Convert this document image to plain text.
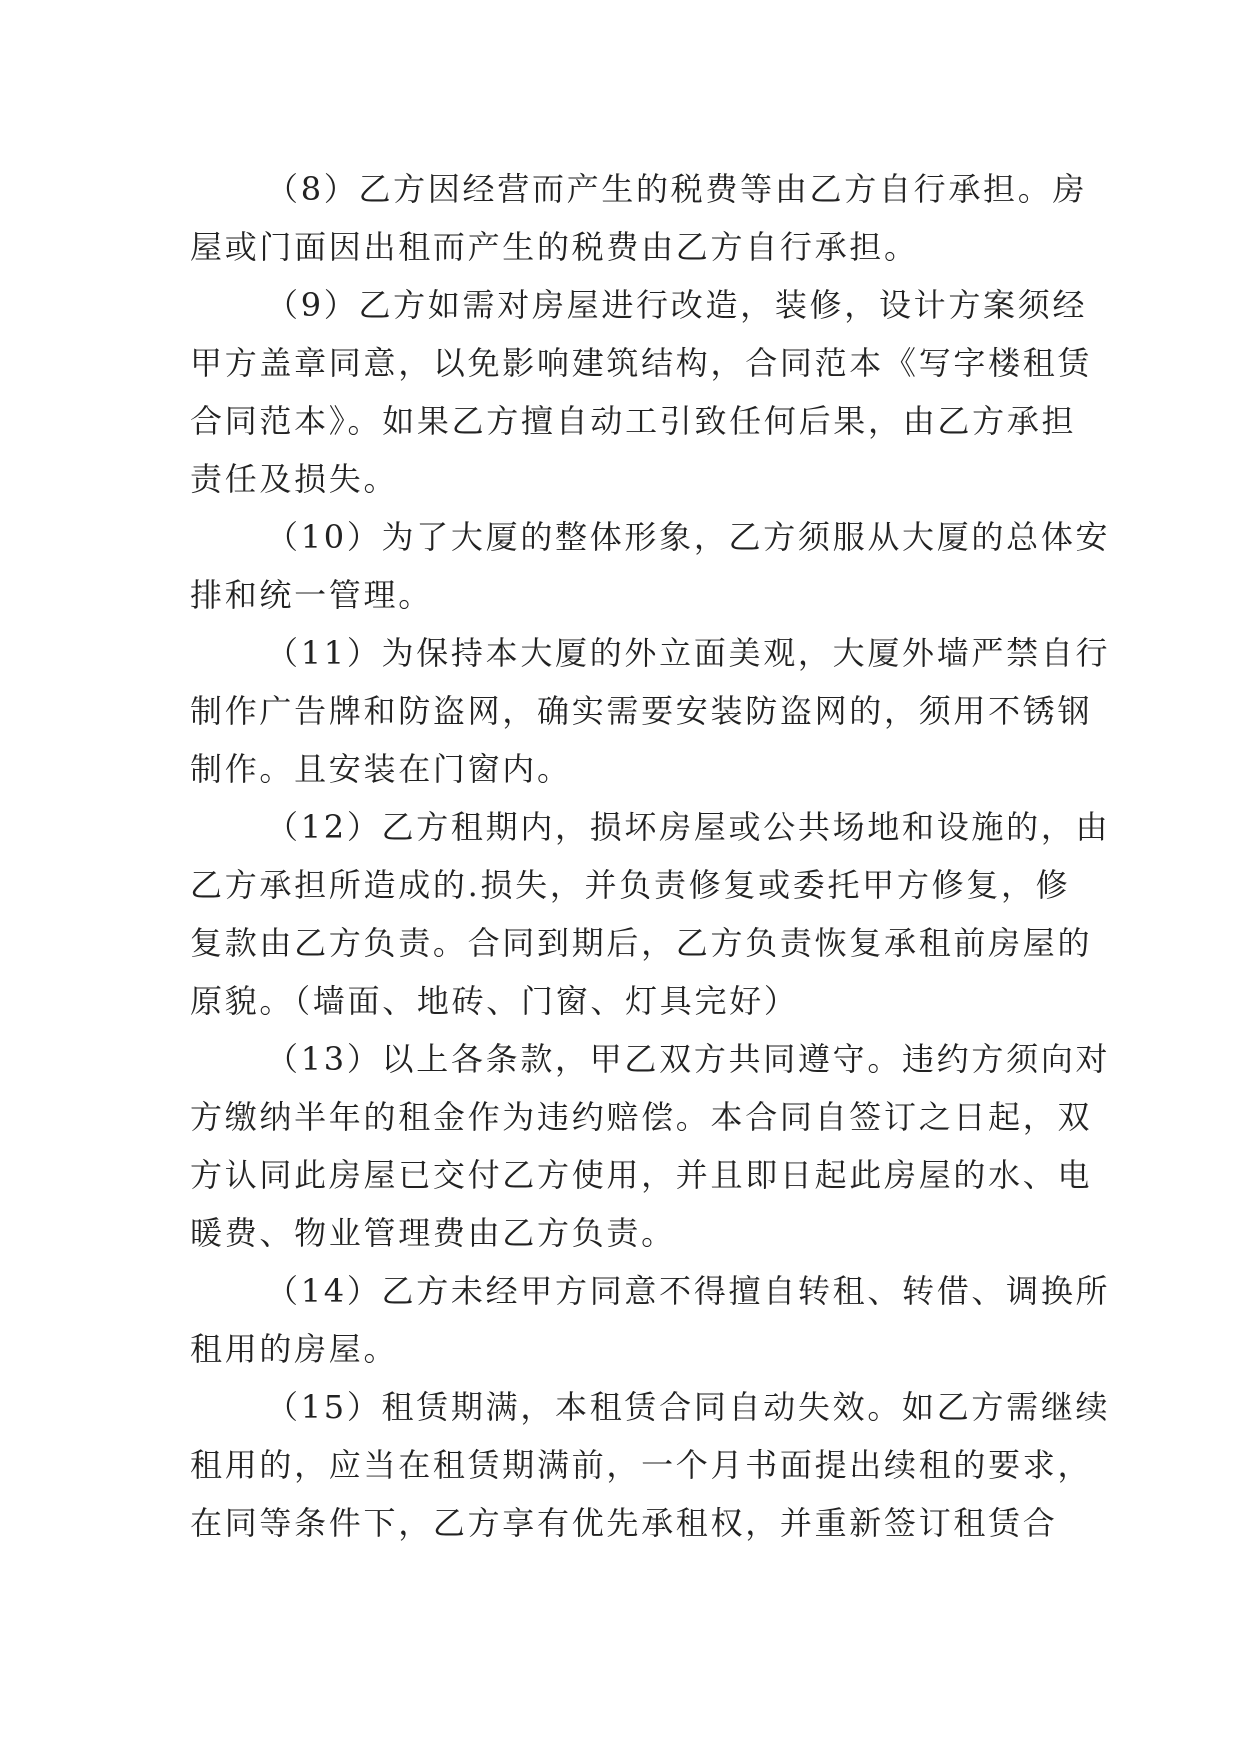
（8）乙方因经营而产生的税费等由乙方自行承担。房
屋或门面因出租而产生的税费由乙方自行承担。
（9）乙方如需对房屋进行改造，装修，设计方案须经
甲方盖章同意，以免影响建筑结构，合同范本《写字楼租赁
合同范本》。如果乙方擅自动工引致任何后果，由乙方承担
责任及损失。
（10）为了大厦的整体形象，乙方须服从大厦的总体安
排和统一管理。
（11）为保持本大厦的外立面美观，大厦外墙严禁自行
制作广告牌和防盗网，确实需要安装防盗网的，须用不锈钢
制作。且安装在门窗内。
（12）乙方租期内，损坏房屋或公共场地和设施的，由
乙方承担所造成的.损失，并负责修复或委托甲方修复，修
复款由乙方负责。合同到期后，乙方负责恢复承租前房屋的
原貌。（墙面、地砖、门窗、灯具完好）
（13）以上各条款，甲乙双方共同遵守。违约方须向对
方缴纳半年的租金作为违约赔偿。本合同自签订之日起，双
方认同此房屋已交付乙方使用，并且即日起此房屋的水、电
暖费、物业管理费由乙方负责。
（14）乙方未经甲方同意不得擅自转租、转借、调换所
租用的房屋。
（15）租赁期满，本租赁合同自动失效。如乙方需继续
租用的，应当在租赁期满前，一个月书面提出续租的要求，
在同等条件下，乙方享有优先承租权，并重新签订租赁合
